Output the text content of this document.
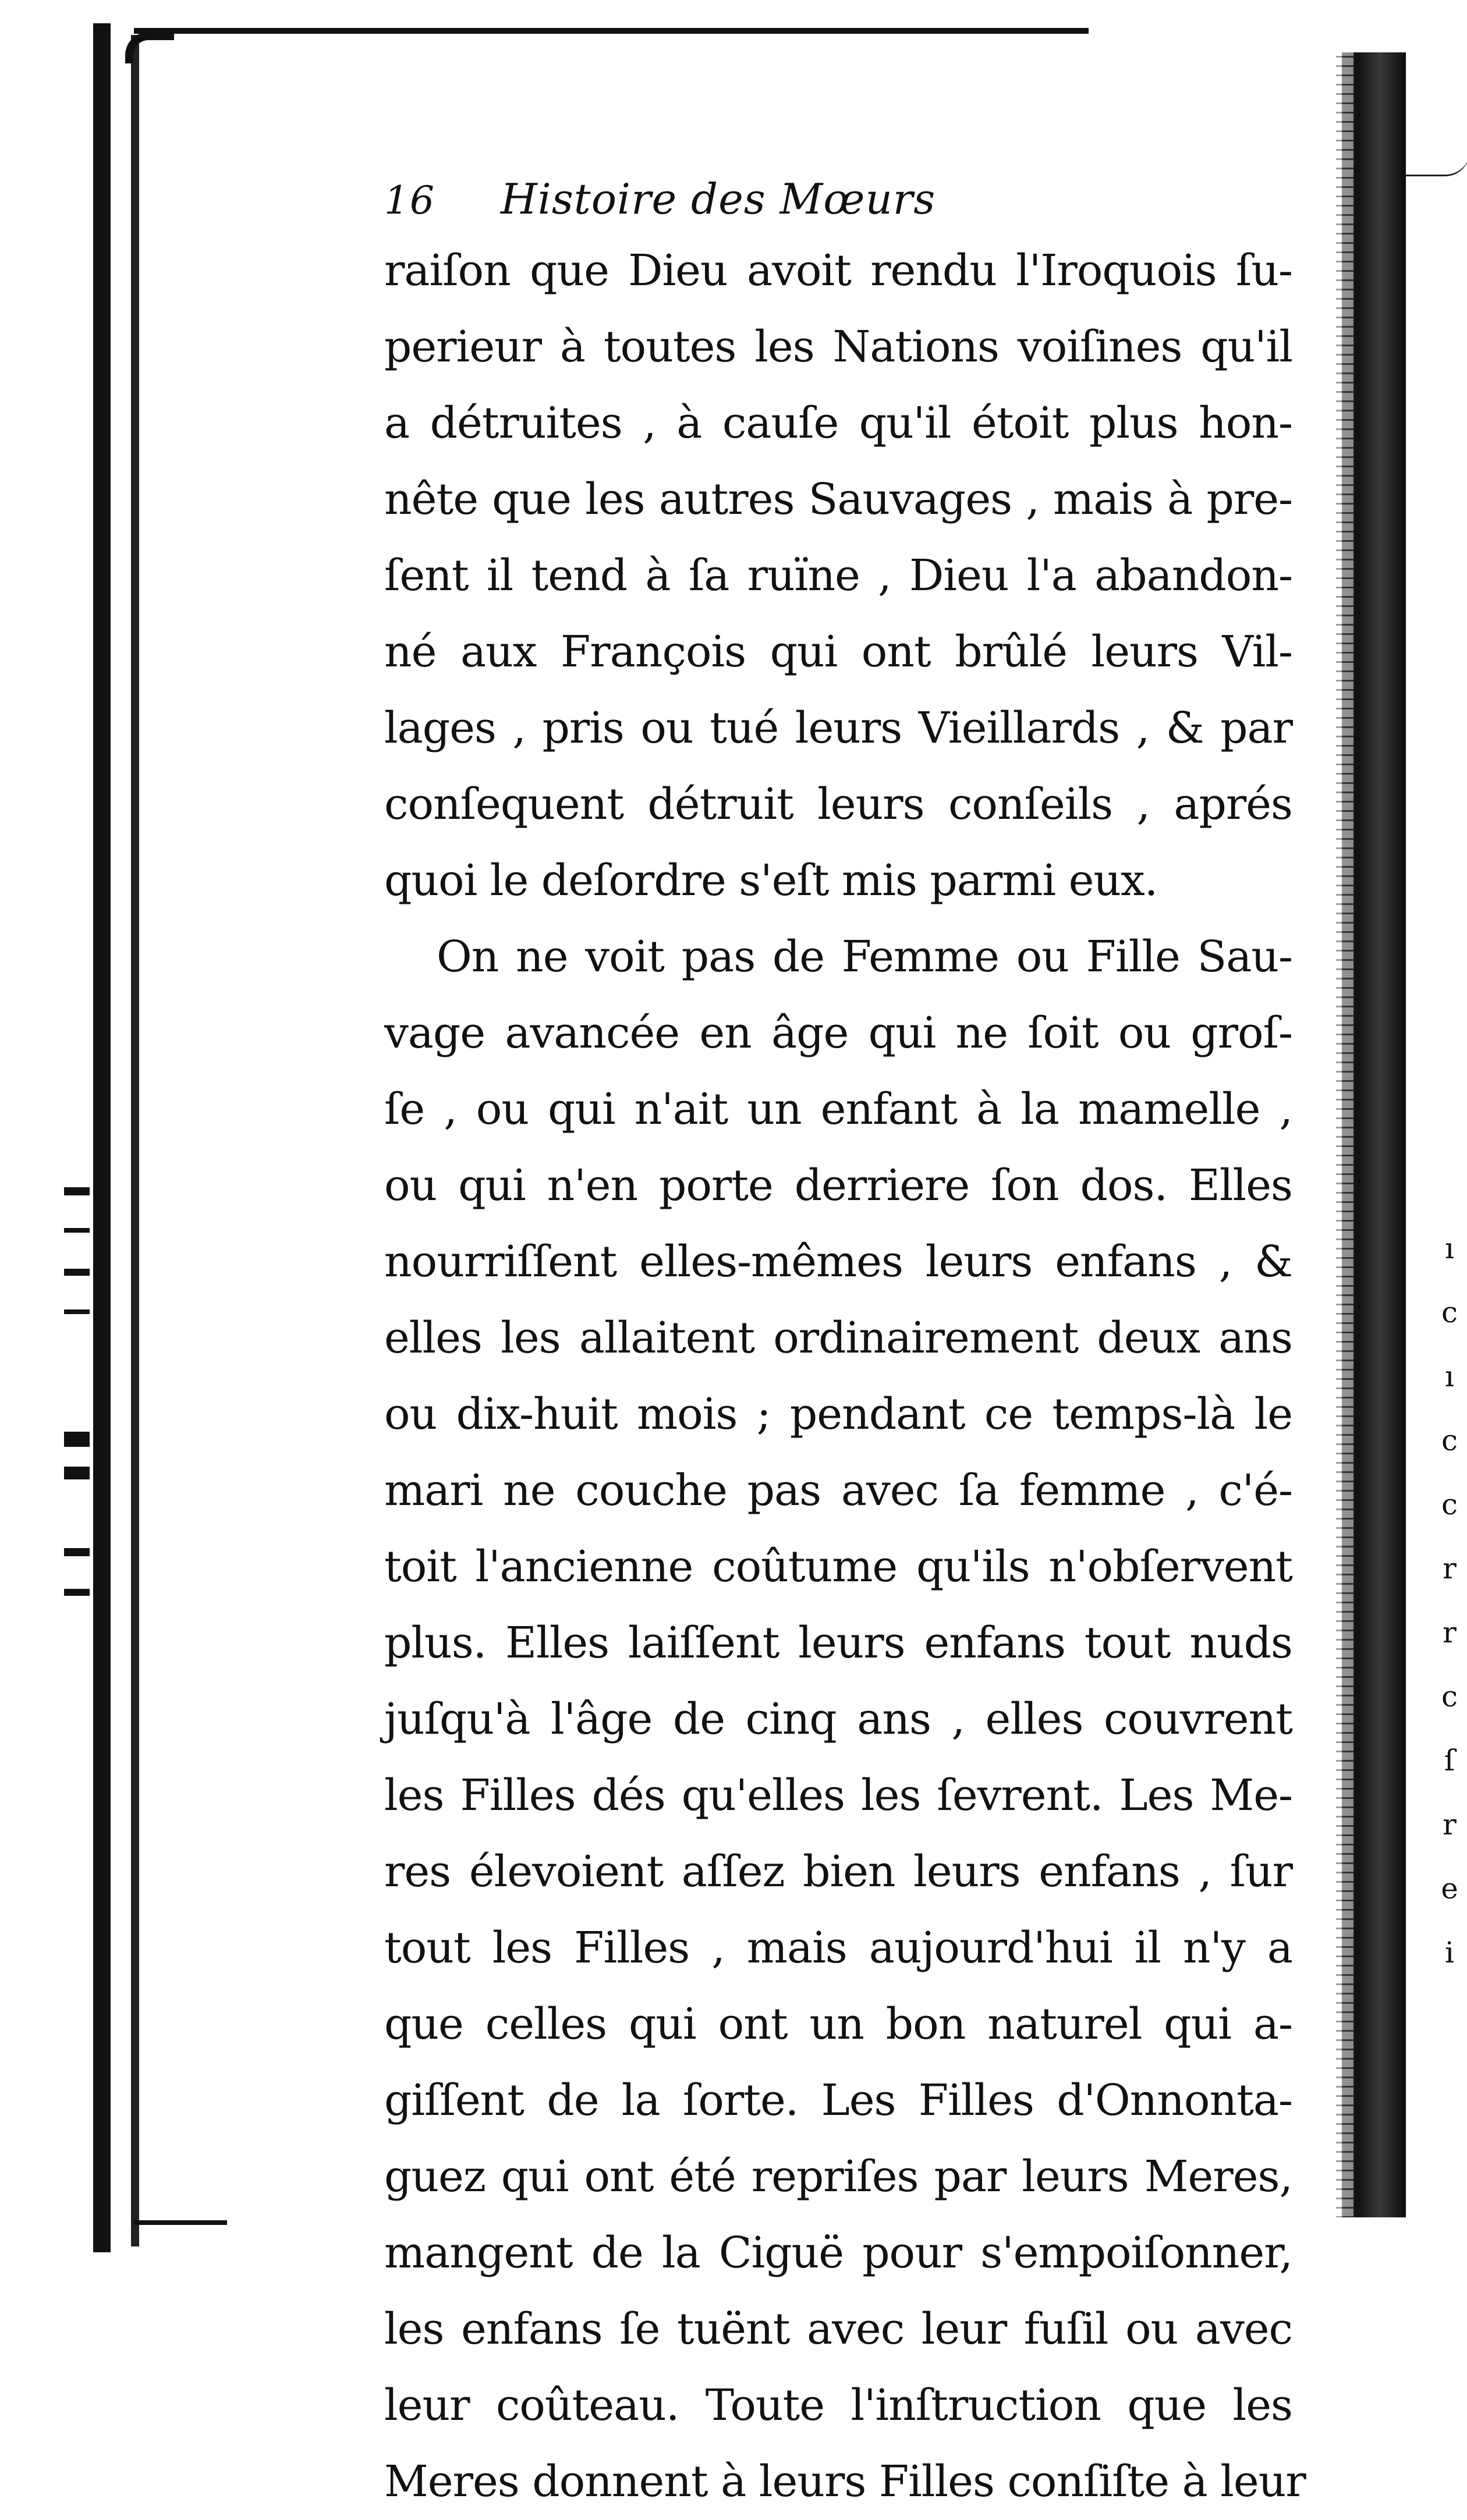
ı
c
ı
c
c
r
r
c
ſ
r
e
i
16	Histoire des Mœurs
raiſon que Dieu avoit rendu l'Iroquois ſu-
perieur à toutes les Nations voiſines qu'il
a détruites , à cauſe qu'il étoit plus hon-
nête que les autres Sauvages , mais à pre-
ſent il tend à ſa ruïne , Dieu l'a abandon-
né aux François qui ont brûlé leurs Vil-
lages , pris ou tué leurs Vieillards , & par
conſequent détruit leurs conſeils , aprés
quoi le deſordre s'eſt mis parmi eux.
On ne voit pas de Femme ou Fille Sau-
vage avancée en âge qui ne ſoit ou groſ-
ſe , ou qui n'ait un enfant à la mamelle ,
ou qui n'en porte derriere ſon dos. Elles
nourriſſent elles-mêmes leurs enfans , &
elles les allaitent ordinairement deux ans
ou dix-huit mois ; pendant ce temps-là le
mari ne couche pas avec ſa femme , c'é-
toit l'ancienne coûtume qu'ils n'obſervent
plus. Elles laiſſent leurs enfans tout nuds
juſqu'à l'âge de cinq ans , elles couvrent
les Filles dés qu'elles les ſevrent. Les Me-
res élevoient aſſez bien leurs enfans , ſur
tout les Filles , mais aujourd'hui il n'y a
que celles qui ont un bon naturel qui a-
giſſent de la ſorte. Les Filles d'Onnonta-
guez qui ont été repriſes par leurs Meres,
mangent de la Ciguë pour s'empoiſonner,
les enfans ſe tuënt avec leur fuſil ou avec
leur coûteau. Toute l'inſtruction que les
Meres donnent à leurs Filles conſiſte à leur
